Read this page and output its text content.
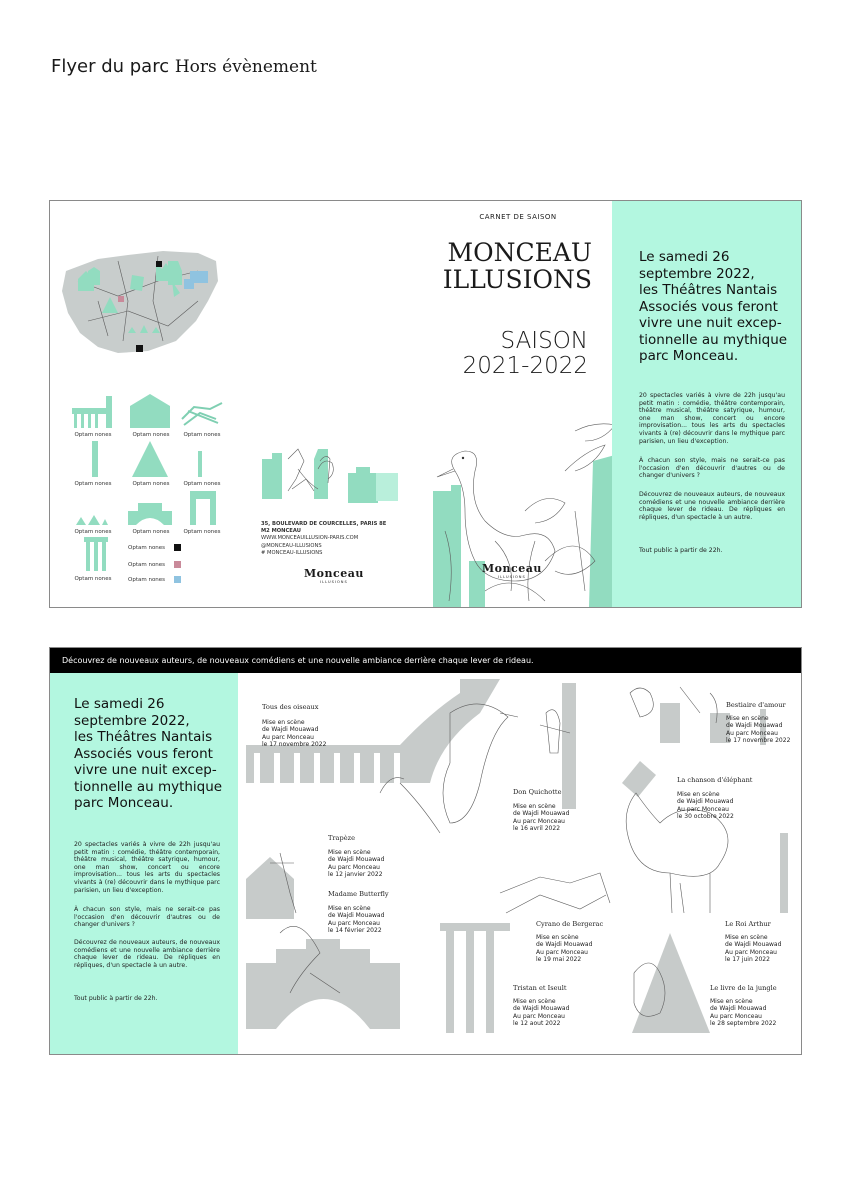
Flyer du parc Hors évènement
Optam nones	Optam nones	Optam nones
Optam nones	Optam nones	Optam nones
Optam nones	Optam nones	Optam nones
Optam nones
Optam nones
Optam nones
Optam nones
35, BOULEVARD DE COURCELLES, PARIS 8E
M2 MONCEAU
WWW.MONCEAUILLUSION-PARIS.COM
@MONCEAU-ILLUSIONS
# MONCEAU-ILLUSIONS
Monceau
ILLUSIONS
CARNET DE SAISON
MONCEAU
ILLUSIONS
SAISON
2021-2022
Monceau
ILLUSIONS
Le samedi 26
septembre 2022,
les Théâtres Nantais
Associés vous feront
vivre une nuit excep-
tionnelle au mythique
parc Monceau.
20 spectacles variés à vivre de 22h jusqu'au petit matin : comédie, théâtre contemporain, théâtre musical, théâtre satyrique, humour, one man show, concert ou encore improvisation... tous les arts du spectacles vivants à (re) découvrir dans le mythique parc parisien, un lieu d'exception.
À chacun son style, mais ne serait-ce pas l'occasion d'en découvrir d'autres ou de changer d'univers ?
Découvrez de nouveaux auteurs, de nouveaux comédiens et une nouvelle ambiance derrière chaque lever de rideau. De répliques en répliques, d'un spectacle à un autre.
Tout public à partir de 22h.
Découvrez de nouveaux auteurs, de nouveaux comédiens et une nouvelle ambiance derrière chaque lever de rideau.
Le samedi 26
septembre 2022,
les Théâtres Nantais
Associés vous feront
vivre une nuit excep-
tionnelle au mythique
parc Monceau.
20 spectacles variés à vivre de 22h jusqu'au petit matin : comédie, théâtre contemporain, théâtre musical, théâtre satyrique, humour, one man show, concert ou encore improvisation... tous les arts du spectacles vivants à (re) découvrir dans le mythique parc parisien, un lieu d'exception.
À chacun son style, mais ne serait-ce pas l'occasion d'en découvrir d'autres ou de changer d'univers ?
Découvrez de nouveaux auteurs, de nouveaux comédiens et une nouvelle ambiance derrière chaque lever de rideau. De répliques en répliques, d'un spectacle à un autre.
Tout public à partir de 22h.
Tous des oiseaux
Mise en scène
de Wajdi Mouawad
Au parc Monceau
le 17 novembre 2022
Don Quichotte
Mise en scène
de Wajdi Mouawad
Au parc Monceau
le 16 avril 2022
Bestiaire d'amour
Mise en scène
de Wajdi Mouawad
Au parc Monceau
le 17 novembre 2022
La chanson d'éléphant
Mise en scène
de Wajdi Mouawad
Au parc Monceau
le 30 octobre 2022
Trapèze
Mise en scène
de Wajdi Mouawad
Au parc Monceau
le 12 janvier 2022
Madame Butterfly
Mise en scène
de Wajdi Mouawad
Au parc Monceau
le 14 février 2022
Cyrano de Bergerac
Mise en scène
de Wajdi Mouawad
Au parc Monceau
le 19 mai 2022
Le Roi Arthur
Mise en scène
de Wajdi Mouawad
Au parc Monceau
le 17 juin 2022
Tristan et Iseult
Mise en scène
de Wajdi Mouawad
Au parc Monceau
le 12 aout 2022
Le livre de la jungle
Mise en scène
de Wajdi Mouawad
Au parc Monceau
le 28 septembre 2022
